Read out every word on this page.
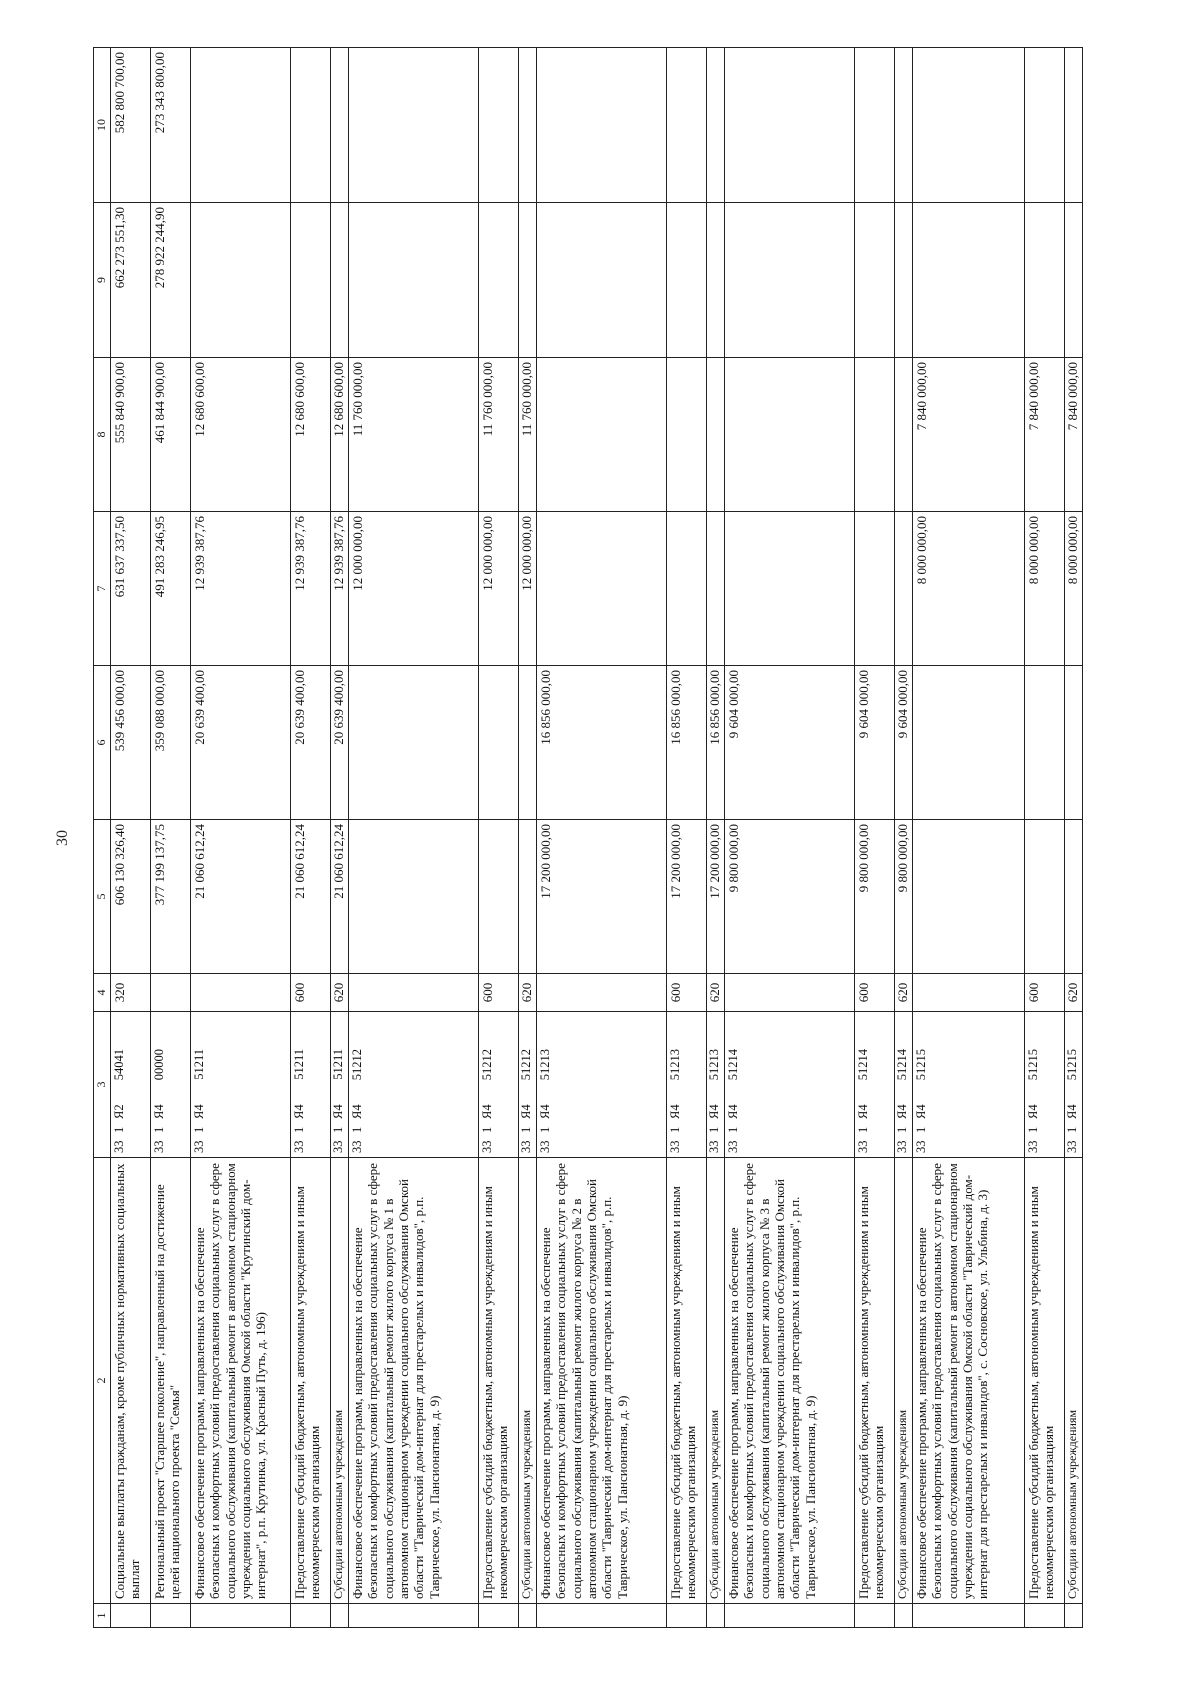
30
1	2	3	4	5	6	7	8	9	10
	Социальные выплаты гражданам, кроме публичных нормативных социальных выплат	331Я254041	320	606 130 326,40	539 456 000,00	631 637 337,50	555 840 900,00	662 273 551,30	582 800 700,00
	Региональный проект "Старшее поколение", направленный на достижение целей национального проекта "Семья"	331Я400000		377 199 137,75	359 088 000,00	491 283 246,95	461 844 900,00	278 922 244,90	273 343 800,00
	Финансовое обеспечение программ, направленных на обеспечение безопасных и комфортных условий предоставления социальных услуг в сфере социального обслуживания (капитальный ремонт в автономном стационарном учреждении социального обслуживания Омской области "Крутинский дом-интернат", р.п. Крутинка, ул. Красный Путь, д. 196)	331Я451211		21 060 612,24	20 639 400,00	12 939 387,76	12 680 600,00		
	Предоставление субсидий бюджетным, автономным учреждениям и иным некоммерческим организациям	331Я451211	600	21 060 612,24	20 639 400,00	12 939 387,76	12 680 600,00		
	Субсидии автономным учреждениям	331Я451211	620	21 060 612,24	20 639 400,00	12 939 387,76	12 680 600,00		
	Финансовое обеспечение программ, направленных на обеспечение безопасных и комфортных условий предоставления социальных услуг в сфере социального обслуживания (капитальный ремонт жилого корпуса № 1 в автономном стационарном учреждении социального обслуживания Омской области "Таврический дом-интернат для престарелых и инвалидов", р.п. Таврическое, ул. Пансионатная, д. 9)	331Я451212				12 000 000,00	11 760 000,00		
	Предоставление субсидий бюджетным, автономным учреждениям и иным некоммерческим организациям	331Я451212	600			12 000 000,00	11 760 000,00		
	Субсидии автономным учреждениям	331Я451212	620			12 000 000,00	11 760 000,00		
	Финансовое обеспечение программ, направленных на обеспечение безопасных и комфортных условий предоставления социальных услуг в сфере социального обслуживания (капитальный ремонт жилого корпуса № 2 в автономном стационарном учреждении социального обслуживания Омской области "Таврический дом-интернат для престарелых и инвалидов", р.п. Таврическое, ул. Пансионатная, д. 9)	331Я451213		17 200 000,00	16 856 000,00				
	Предоставление субсидий бюджетным, автономным учреждениям и иным некоммерческим организациям	331Я451213	600	17 200 000,00	16 856 000,00				
	Субсидии автономным учреждениям	331Я451213	620	17 200 000,00	16 856 000,00				
	Финансовое обеспечение программ, направленных на обеспечение безопасных и комфортных условий предоставления социальных услуг в сфере социального обслуживания (капитальный ремонт жилого корпуса № 3 в автономном стационарном учреждении социального обслуживания Омской области "Таврический дом-интернат для престарелых и инвалидов", р.п. Таврическое, ул. Пансионатная, д. 9)	331Я451214		9 800 000,00	9 604 000,00				
	Предоставление субсидий бюджетным, автономным учреждениям и иным некоммерческим организациям	331Я451214	600	9 800 000,00	9 604 000,00				
	Субсидии автономным учреждениям	331Я451214	620	9 800 000,00	9 604 000,00				
	Финансовое обеспечение программ, направленных на обеспечение безопасных и комфортных условий предоставления социальных услуг в сфере социального обслуживания (капитальный ремонт в автономном стационарном учреждении социального обслуживания Омской области "Таврический дом-интернат для престарелых и инвалидов", с. Сосновское, ул. Ульбина, д. 3)	331Я451215				8 000 000,00	7 840 000,00		
	Предоставление субсидий бюджетным, автономным учреждениям и иным некоммерческим организациям	331Я451215	600			8 000 000,00	7 840 000,00		
	Субсидии автономным учреждениям	331Я451215	620			8 000 000,00	7 840 000,00		
